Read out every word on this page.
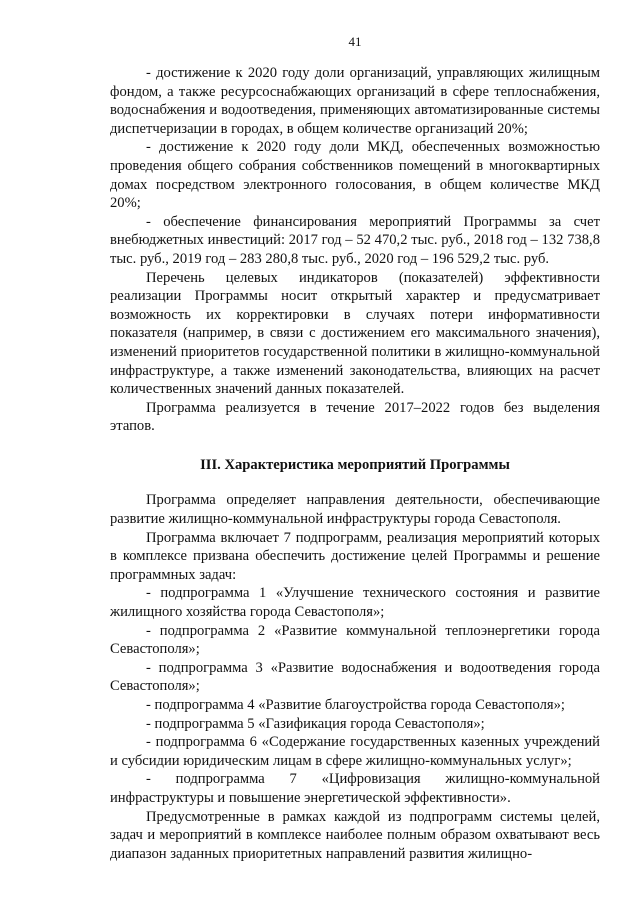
41

- достижение к 2020 году доли организаций, управляющих жилищным фондом, а также ресурсоснабжающих организаций в сфере теплоснабжения, водоснабжения и водоотведения, применяющих автоматизированные системы диспетчеризации в городах, в общем количестве организаций 20%;

- достижение к 2020 году доли МКД, обеспеченных возможностью проведения общего собрания собственников помещений в многоквартирных домах посредством электронного голосования, в общем количестве МКД 20%;

- обеспечение финансирования мероприятий Программы за счет внебюджетных инвестиций: 2017 год – 52 470,2 тыс. руб., 2018 год – 132 738,8 тыс. руб., 2019 год – 283 280,8 тыс. руб., 2020 год – 196 529,2 тыс. руб.

Перечень целевых индикаторов (показателей) эффективности реализации Программы носит открытый характер и предусматривает возможность их корректировки в случаях потери информативности показателя (например, в связи с достижением его максимального значения), изменений приоритетов государственной политики в жилищно-коммунальной инфраструктуре, а также изменений законодательства, влияющих на расчет количественных значений данных показателей.

Программа реализуется в течение 2017–2022 годов без выделения этапов.

III. Характеристика мероприятий Программы

Программа определяет направления деятельности, обеспечивающие развитие жилищно-коммунальной инфраструктуры города Севастополя.

Программа включает 7 подпрограмм, реализация мероприятий которых в комплексе призвана обеспечить достижение целей Программы и решение программных задач:

- подпрограмма 1 «Улучшение технического состояния и развитие жилищного хозяйства города Севастополя»;

- подпрограмма 2 «Развитие коммунальной теплоэнергетики города Севастополя»;

- подпрограмма 3 «Развитие водоснабжения и водоотведения города Севастополя»;

- подпрограмма 4 «Развитие благоустройства города Севастополя»;

- подпрограмма 5 «Газификация города Севастополя»;

- подпрограмма 6 «Содержание государственных казенных учреждений и субсидии юридическим лицам в сфере жилищно-коммунальных услуг»;

- подпрограмма 7 «Цифровизация жилищно-коммунальной инфраструктуры и повышение энергетической эффективности».

Предусмотренные в рамках каждой из подпрограмм системы целей, задач и мероприятий в комплексе наиболее полным образом охватывают весь диапазон заданных приоритетных направлений развития жилищно-
